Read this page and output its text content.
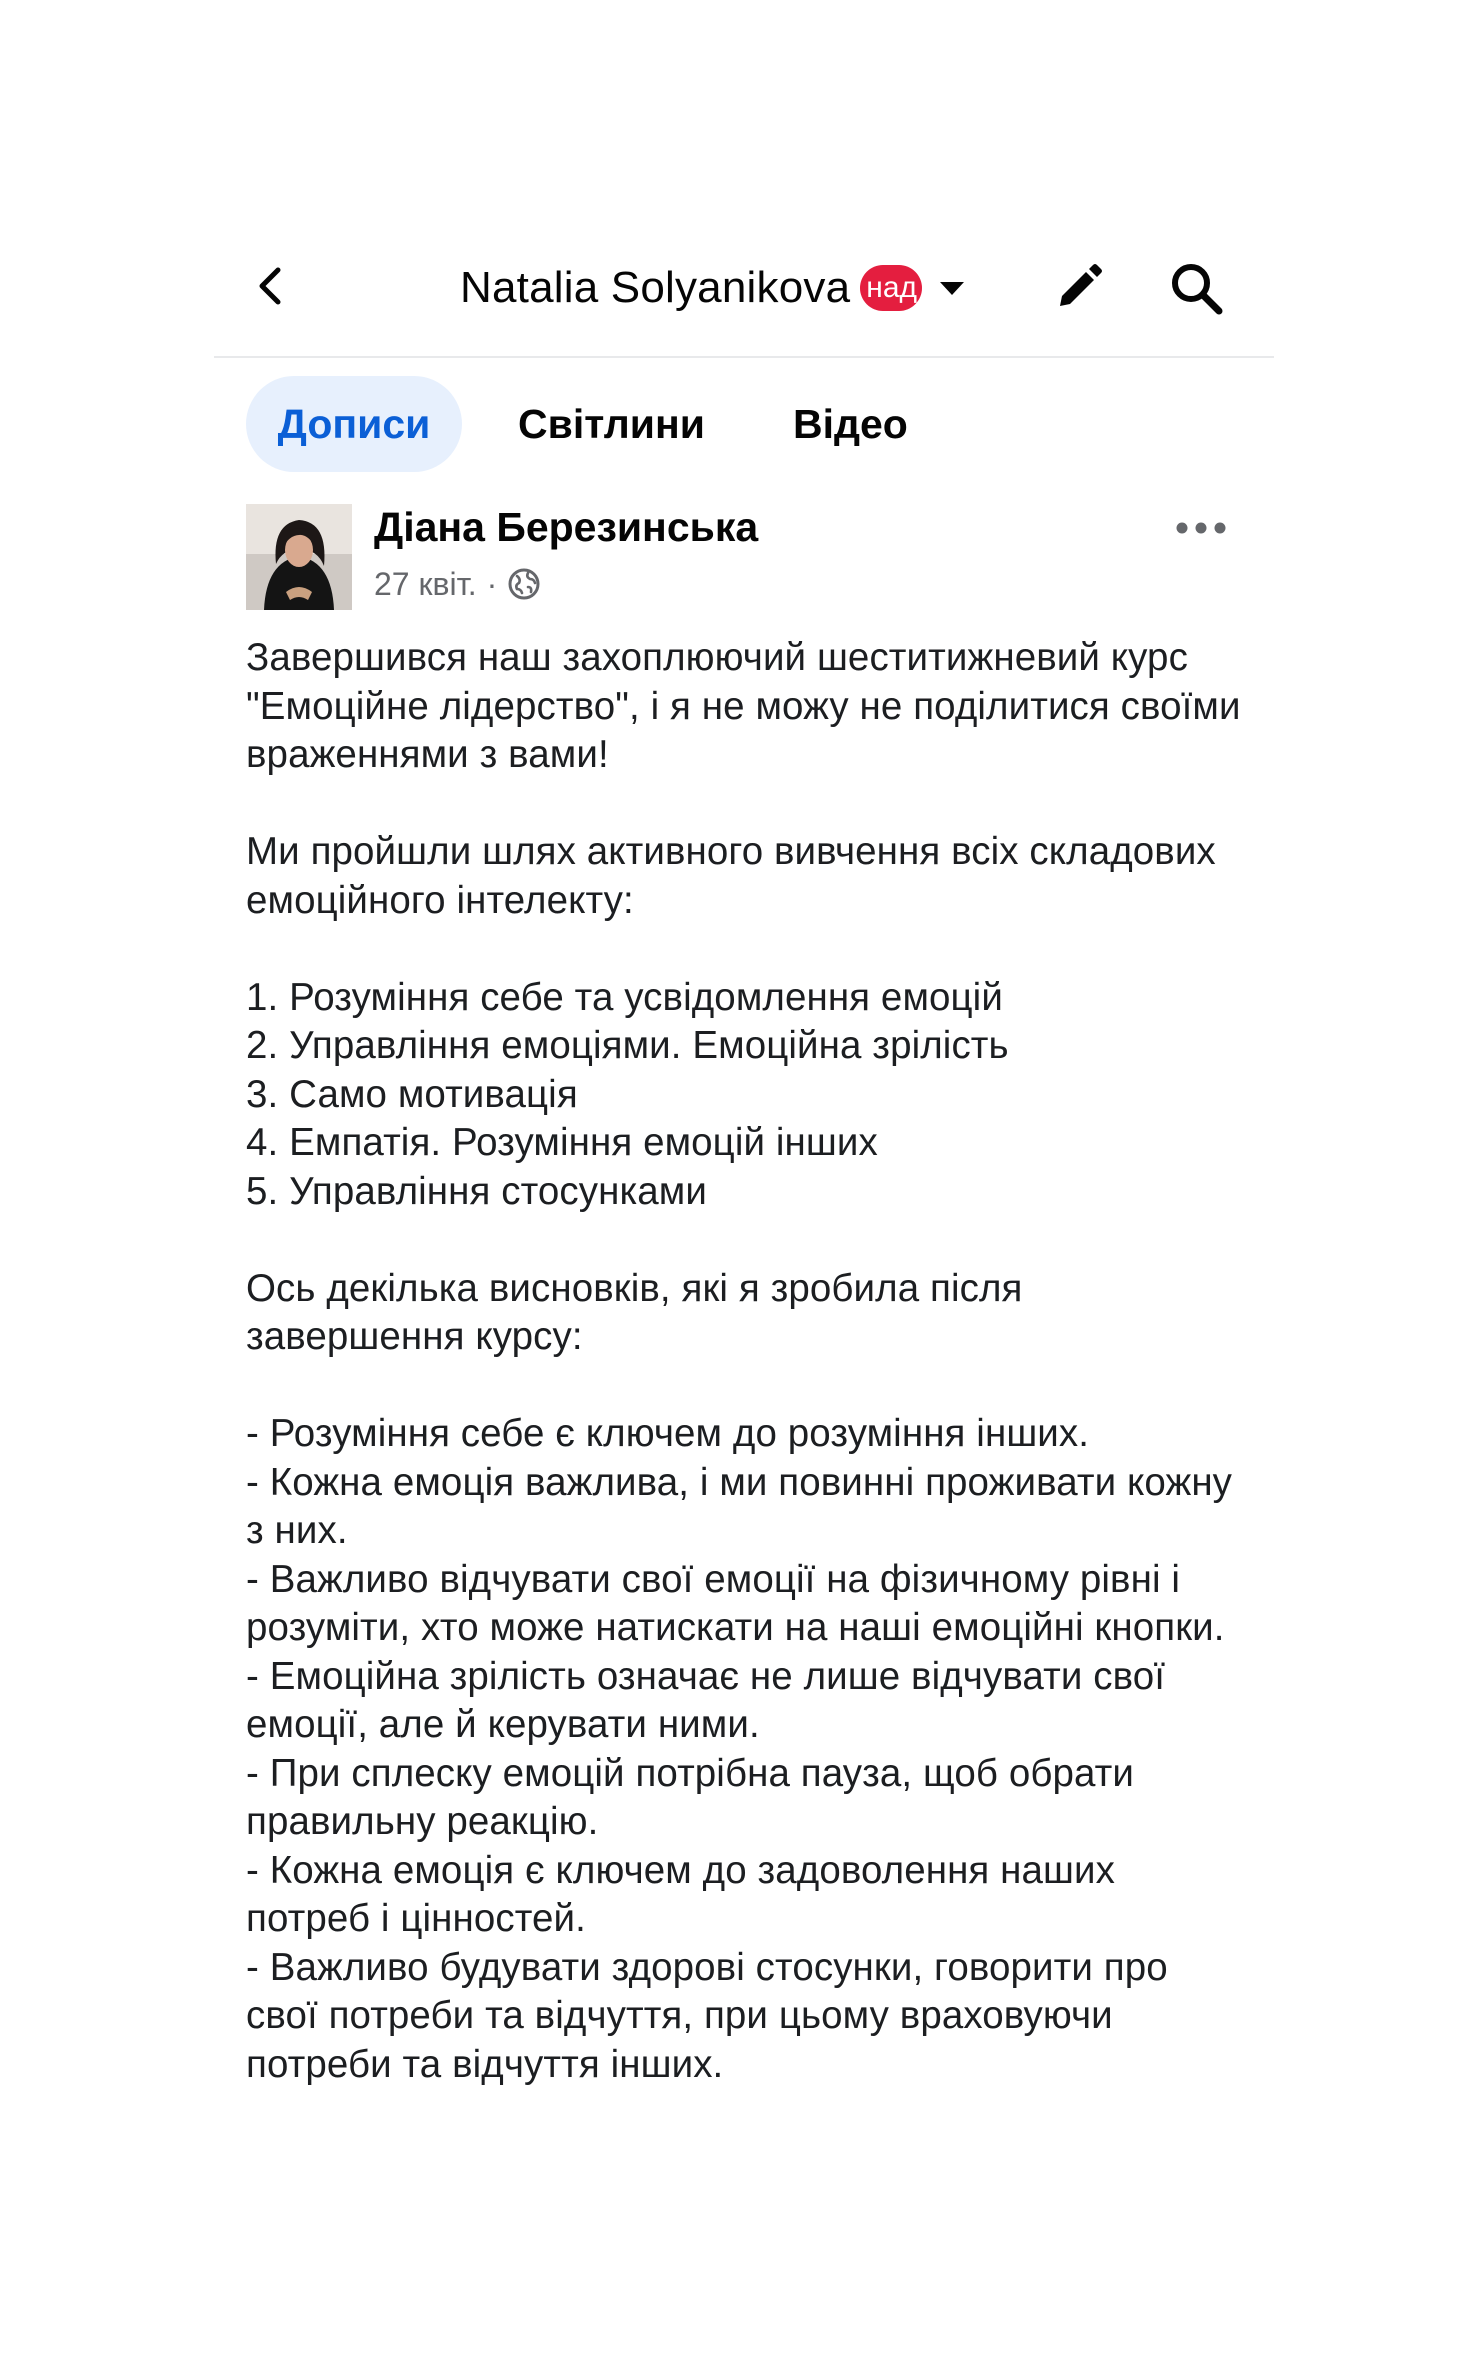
Natalia Solyanikova над
Дописи	Світлини Відео
Діана Березинська
27 квіт. ·
Завершився наш захоплюючий шеститижневий курс "Емоційне лідерство", і я не можу не поділитися своїми враженнями з вами!
Ми пройшли шлях активного вивчення всіх складових емоційного інтелекту:
1. Розуміння себе та усвідомлення емоцій
2. Управління емоціями. Емоційна зрілість
3. Само мотивація
4. Емпатія. Розуміння емоцій інших
5. Управління стосунками
Ось декілька висновків, які я зробила після завершення курсу:
- Розуміння себе є ключем до розуміння інших.
- Кожна емоція важлива, і ми повинні проживати кожну з них.
- Важливо відчувати свої емоції на фізичному рівні і розуміти, хто може натискати на наші емоційні кнопки.
- Емоційна зрілість означає не лише відчувати свої емоції, але й керувати ними.
- При сплеску емоцій потрібна пауза, щоб обрати правильну реакцію.
- Кожна емоція є ключем до задоволення наших потреб і цінностей.
- Важливо будувати здорові стосунки, говорити про свої потреби та відчуття, при цьому враховуючи потреби та відчуття інших.
